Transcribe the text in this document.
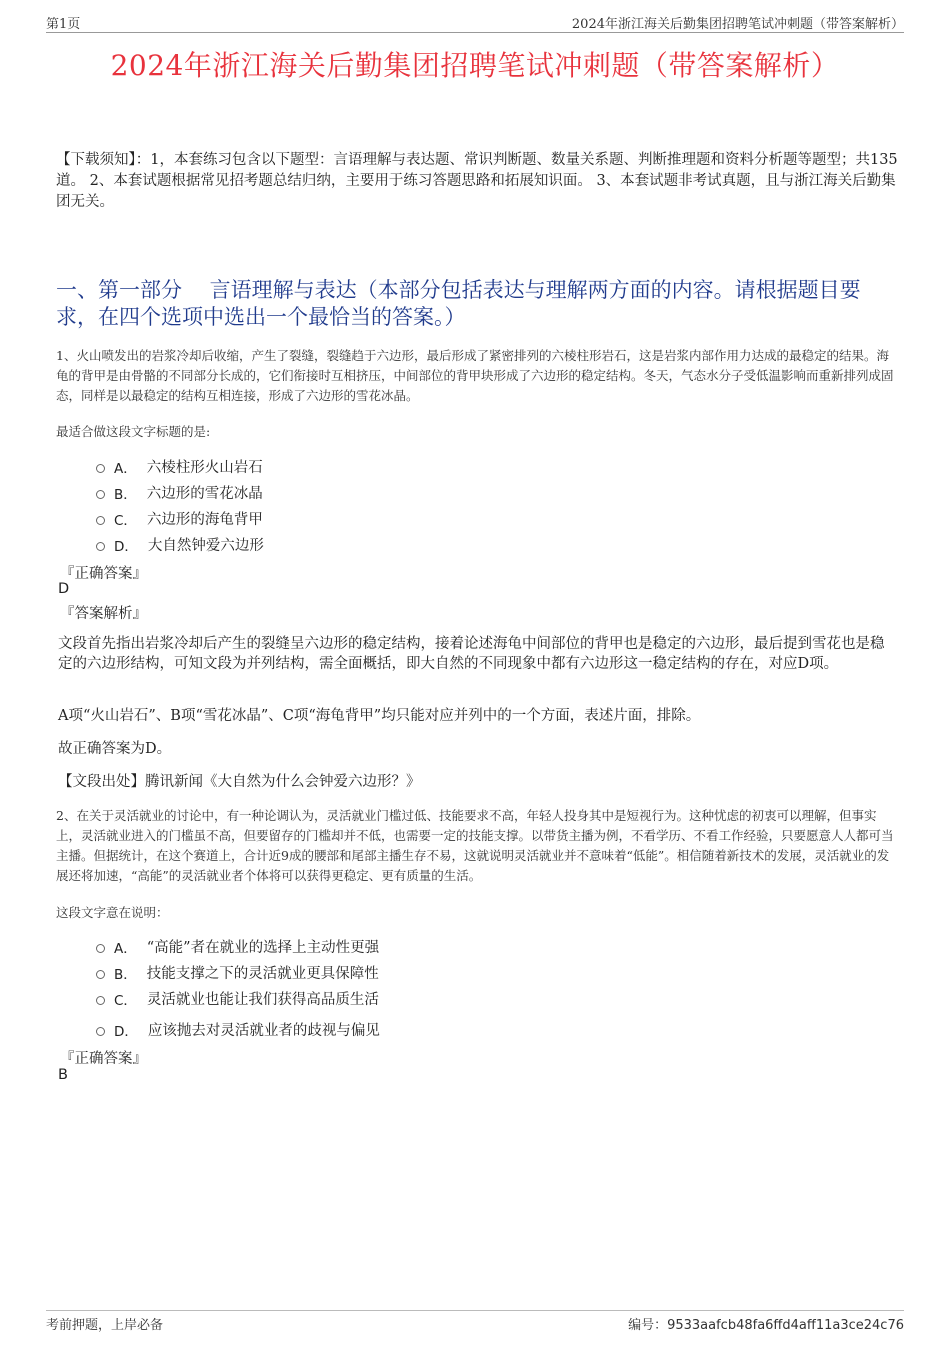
第1页	2024年浙江海关后勤集团招聘笔试冲刺题（带答案解析）
2024年浙江海关后勤集团招聘笔试冲刺题（带答案解析）
【下载须知】：1，本套练习包含以下题型：言语理解与表达题、常识判断题、数量关系题、判断推理题和资料分析题等题型；共135道。 2、本套试题根据常见招考题总结归纳，主要用于练习答题思路和拓展知识面。 3、本套试题非考试真题，且与浙江海关后勤集团无关。
一、第一部分　 言语理解与表达（本部分包括表达与理解两方面的内容。请根据题目要求，在四个选项中选出一个最恰当的答案。）
1、火山喷发出的岩浆冷却后收缩，产生了裂缝，裂缝趋于六边形，最后形成了紧密排列的六棱柱形岩石，这是岩浆内部作用力达成的最稳定的结果。海龟的背甲是由骨骼的不同部分长成的，它们衔接时互相挤压，中间部位的背甲块形成了六边形的稳定结构。冬天，气态水分子受低温影响而重新排列成固态，同样是以最稳定的结构互相连接，形成了六边形的雪花冰晶。
最适合做这段文字标题的是:
A． 六棱柱形火山岩石
B． 六边形的雪花冰晶
C． 六边形的海龟背甲
D． 大自然钟爱六边形
『正确答案』
D
『答案解析』
文段首先指出岩浆冷却后产生的裂缝呈六边形的稳定结构，接着论述海龟中间部位的背甲也是稳定的六边形，最后提到雪花也是稳定的六边形结构，可知文段为并列结构，需全面概括，即大自然的不同现象中都有六边形这一稳定结构的存在，对应D项。
A项“火山岩石”、B项“雪花冰晶”、C项“海龟背甲”均只能对应并列中的一个方面，表述片面，排除。
故正确答案为D。
【文段出处】腾讯新闻《大自然为什么会钟爱六边形？》
2、在关于灵活就业的讨论中，有一种论调认为，灵活就业门槛过低、技能要求不高，年轻人投身其中是短视行为。这种忧虑的初衷可以理解，但事实上，灵活就业进入的门槛虽不高，但要留存的门槛却并不低，也需要一定的技能支撑。以带货主播为例，不看学历、不看工作经验，只要愿意人人都可当主播。但据统计，在这个赛道上，合计近9成的腰部和尾部主播生存不易，这就说明灵活就业并不意味着“低能”。相信随着新技术的发展，灵活就业的发展还将加速，“高能”的灵活就业者个体将可以获得更稳定、更有质量的生活。
这段文字意在说明：
A． “高能”者在就业的选择上主动性更强
B． 技能支撑之下的灵活就业更具保障性
C． 灵活就业也能让我们获得高品质生活
D． 应该抛去对灵活就业者的歧视与偏见
『正确答案』
B
考前押题，上岸必备	编号：9533aafcb48fa6ffd4aff11a3ce24c76
